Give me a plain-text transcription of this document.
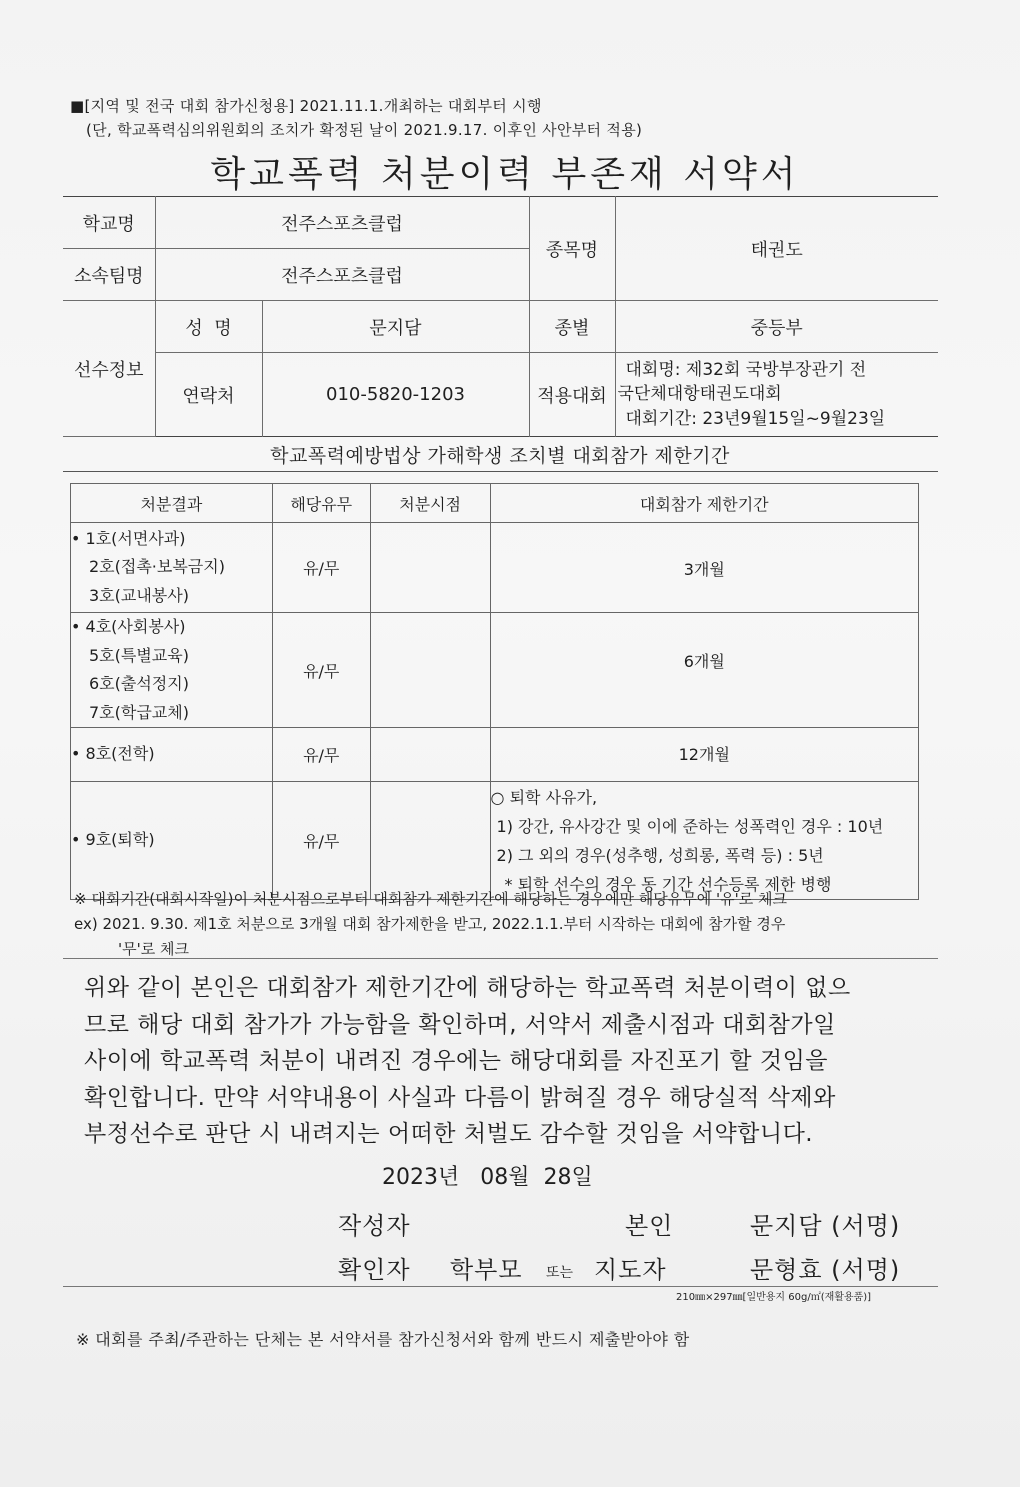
■[지역 및 전국 대회 참가신청용] 2021.11.1.개최하는 대회부터 시행
(단, 학교폭력심의위원회의 조치가 확정된 날이 2021.9.17. 이후인 사안부터 적용)
학교폭력 처분이력 부존재 서약서
학교명	전주스포츠클럽		종목명	태권도
소속팀명	전주스포츠클럽			
선수정보	성  명	문지담	종별	중등부
	연락처	010-5820-1203	적용대회	대회명: 제32회 국방부장관기 전
국단체대항태권도대회
대회기간: 23년9월15일~9월23일
학교폭력예방법상 가해학생 조치별 대회참가 제한기간
처분결과	해당유무	처분시점	대회참가 제한기간

• 1호(서면사과)
2호(접촉·보복금지)
3호(교내봉사)	유/무		3개월

• 4호(사회봉사)
5호(특별교육)
6호(출석정지)
7호(학급교체)	유/무		6개월
• 8호(전학)	유/무		12개월
• 9호(퇴학)	유/무		○ 퇴학 사유가,
1) 강간, 유사강간 및 이에 준하는 성폭력인 경우 : 10년
2) 그 외의 경우(성추행, 성희롱, 폭력 등) : 5년
* 퇴학 선수의 경우 동 기간 선수등록 제한 병행
※ 대회기간(대회시작일)이 처분시점으로부터 대회참가 제한기간에 해당하는 경우에만 해당유무에 '유'로 체크
ex) 2021. 9.30. 제1호 처분으로 3개월 대회 참가제한을 받고, 2022.1.1.부터 시작하는 대회에 참가할 경우
'무'로 체크
위와 같이 본인은 대회참가 제한기간에 해당하는 학교폭력 처분이력이 없으
므로 해당 대회 참가가 가능함을 확인하며, 서약서 제출시점과 대회참가일
사이에 학교폭력 처분이 내려진 경우에는 해당대회를 자진포기 할 것임을
확인합니다. 만약 서약내용이 사실과 다름이 밝혀질 경우 해당실적 삭제와
부정선수로 판단 시 내려지는 어떠한 처벌도 감수할 것임을 서약합니다.
2023년   08월  28일
작성자	본인	문지담 (서명)
확인자 학부모 또는 지도자	문형효 (서명)
210㎜×297㎜[일반용지 60g/㎡(재활용품)]
※ 대회를 주최/주관하는 단체는 본 서약서를 참가신청서와 함께 반드시 제출받아야 함
